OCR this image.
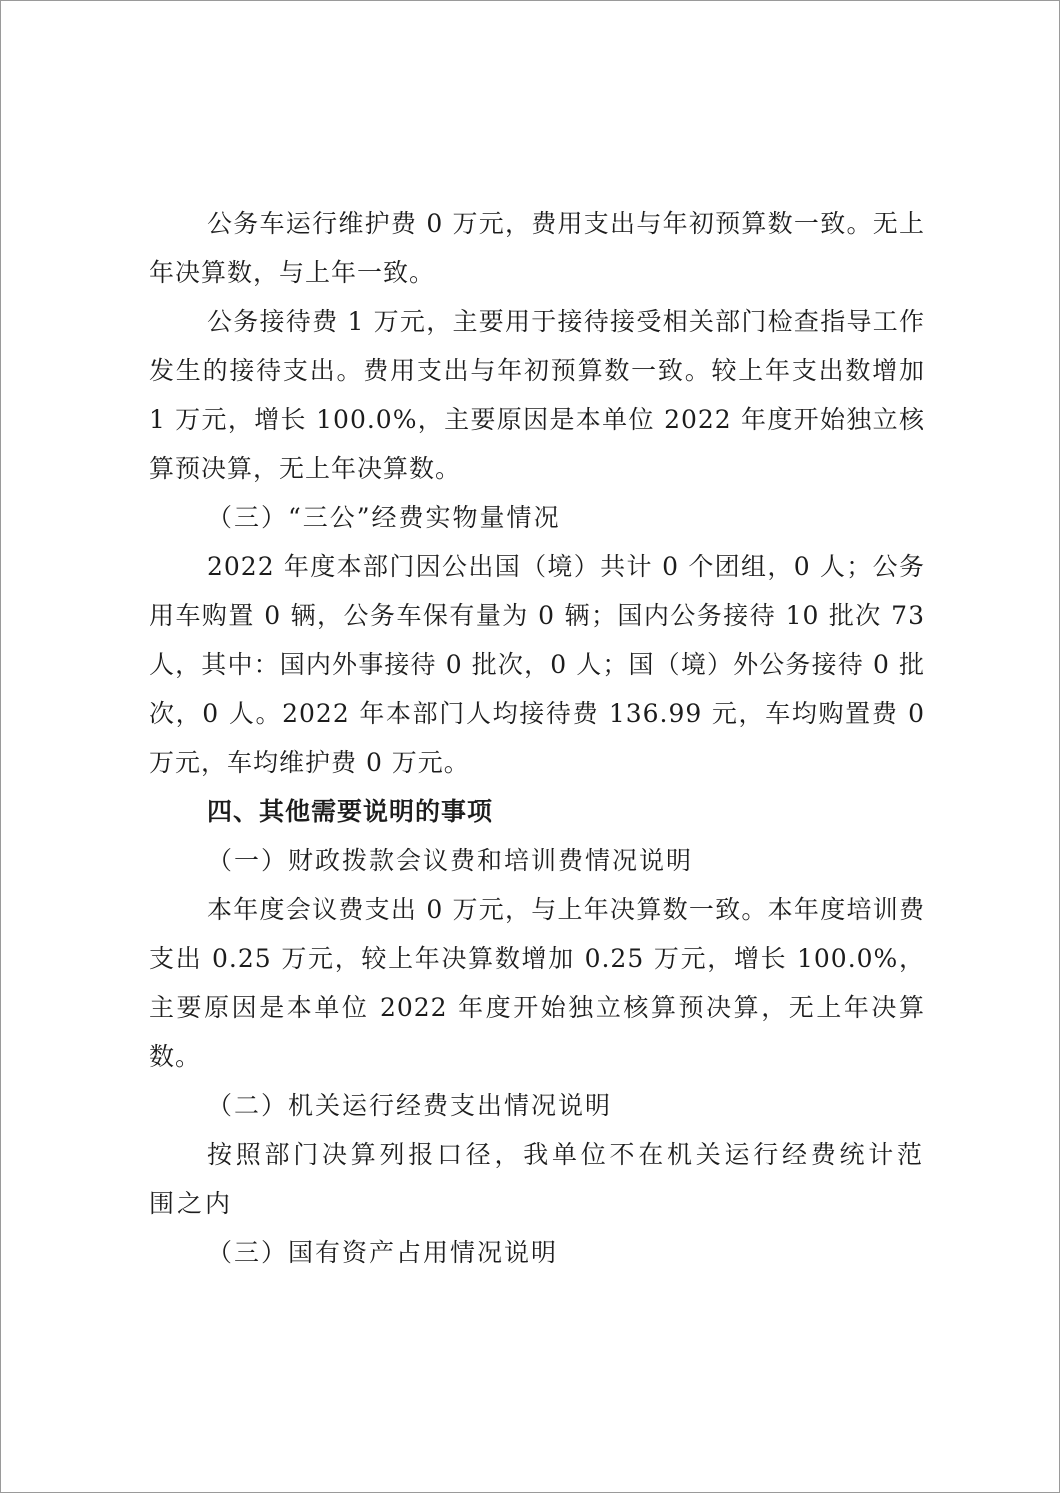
公务车运行维护费 0 万元，费用支出与年初预算数一致。无上年决算数，与上年一致。

公务接待费 1 万元，主要用于接待接受相关部门检查指导工作发生的接待支出。费用支出与年初预算数一致。较上年支出数增加 1 万元，增长 100.0%，主要原因是本单位 2022 年度开始独立核算预决算，无上年决算数。

（三）“三公”经费实物量情况

2022 年度本部门因公出国（境）共计 0 个团组，0 人；公务用车购置 0 辆，公务车保有量为 0 辆；国内公务接待 10 批次 73 人，其中：国内外事接待 0 批次，0 人；国（境）外公务接待 0 批次，0 人。2022 年本部门人均接待费 136.99 元，车均购置费 0 万元，车均维护费 0 万元。

四、其他需要说明的事项

（一）财政拨款会议费和培训费情况说明

本年度会议费支出 0 万元，与上年决算数一致。本年度培训费支出 0.25 万元，较上年决算数增加 0.25 万元，增长 100.0%，主要原因是本单位 2022 年度开始独立核算预决算，无上年决算数。

（二）机关运行经费支出情况说明

按照部门决算列报口径，我单位不在机关运行经费统计范围之内

（三）国有资产占用情况说明
